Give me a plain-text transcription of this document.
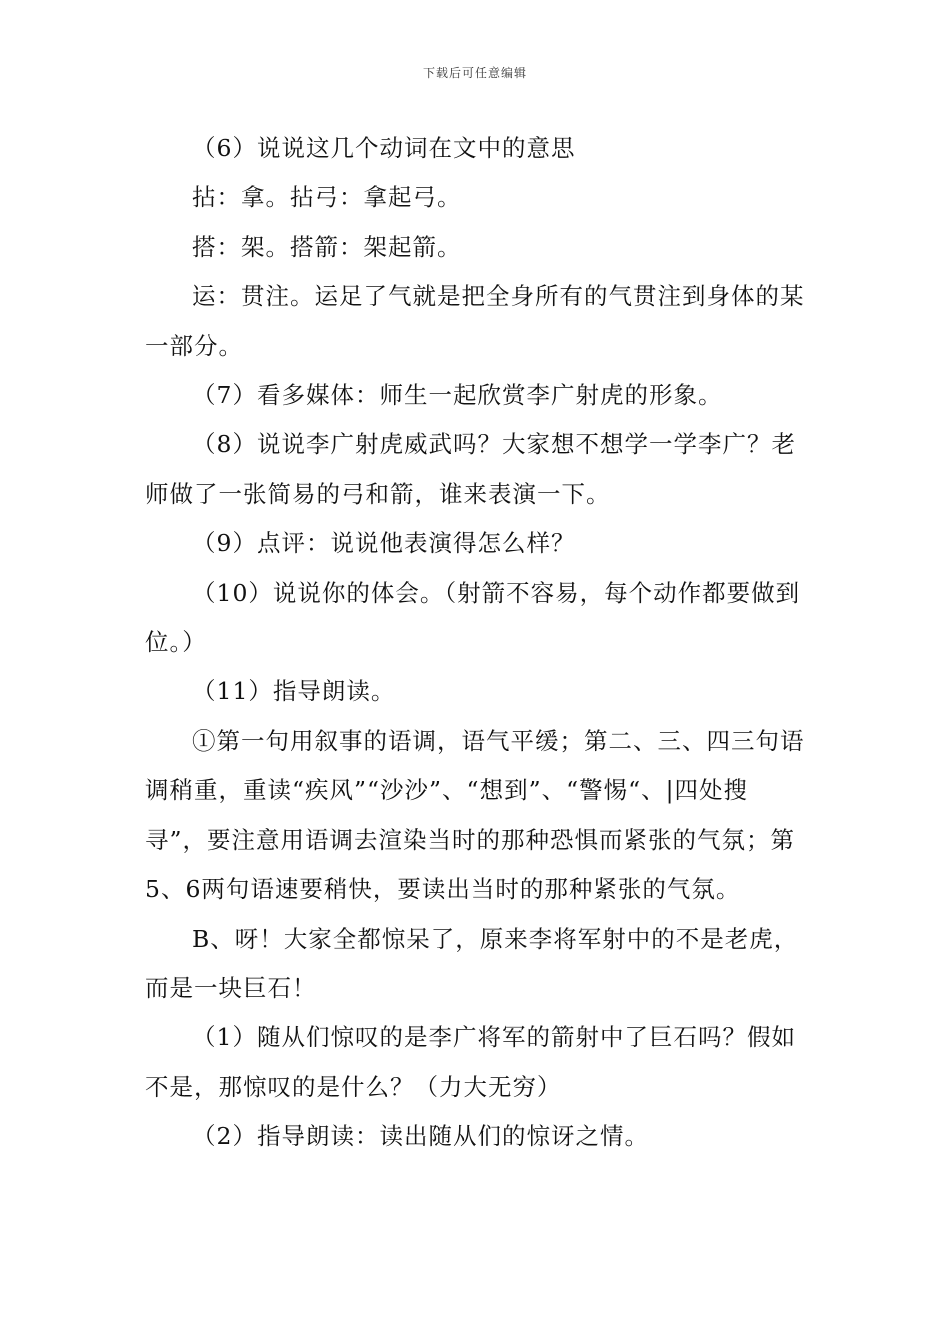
下载后可任意编辑

（6）说说这几个动词在文中的意思

拈：拿。拈弓：拿起弓。

搭：架。搭箭：架起箭。

运：贯注。运足了气就是把全身所有的气贯注到身体的某一部分。

（7）看多媒体：师生一起欣赏李广射虎的形象。

（8）说说李广射虎威武吗？大家想不想学一学李广？老师做了一张简易的弓和箭，谁来表演一下。

（9）点评：说说他表演得怎么样？

（10）说说你的体会。（射箭不容易，每个动作都要做到位。）

（11）指导朗读。

①第一句用叙事的语调，语气平缓；第二、三、四三句语调稍重，重读“疾风”“沙沙”、“想到”、“警惕“、|四处搜寻”，要注意用语调去渲染当时的那种恐惧而紧张的气氛；第5、6两句语速要稍快，要读出当时的那种紧张的气氛。

B、呀！大家全都惊呆了，原来李将军射中的不是老虎，而是一块巨石！

（1）随从们惊叹的是李广将军的箭射中了巨石吗？假如不是，那惊叹的是什么？（力大无穷）

（2）指导朗读：读出随从们的惊讶之情。
